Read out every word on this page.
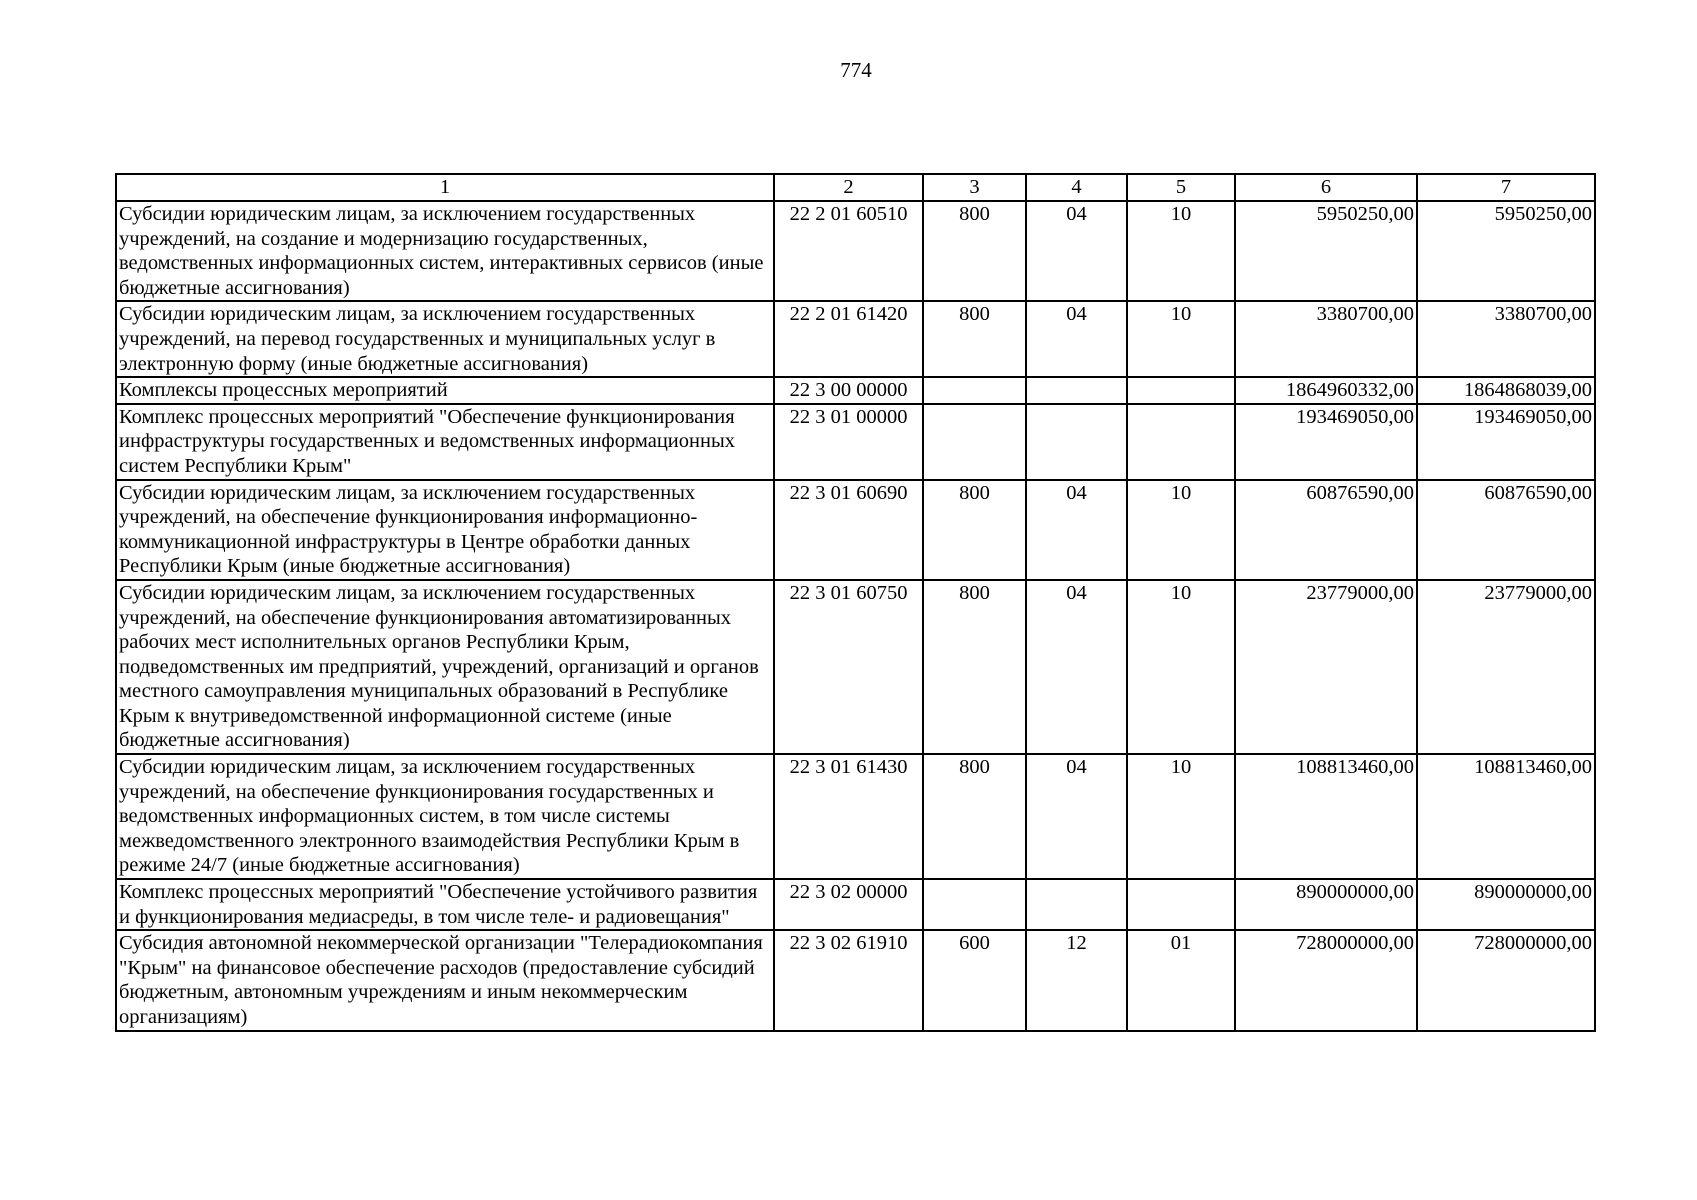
774
1	2	3	4	5	6	7
Субсидии юридическим лицам, за исключением государственных учреждений, на создание и модернизацию государственных, ведомственных информационных систем, интерактивных сервисов (иные бюджетные ассигнования)	22 2 01 60510	800	04	10	5950250,00	5950250,00
Субсидии юридическим лицам, за исключением государственных учреждений, на перевод государственных и муниципальных услуг в электронную форму (иные бюджетные ассигнования)	22 2 01 61420	800	04	10	3380700,00	3380700,00
Комплексы процессных мероприятий	22 3 00 00000				1864960332,00	1864868039,00
Комплекс процессных мероприятий "Обеспечение функционирования инфраструктуры государственных и ведомственных информационных систем Республики Крым"	22 3 01 00000				193469050,00	193469050,00
Субсидии юридическим лицам, за исключением государственных учреждений, на обеспечение функционирования информационно-коммуникационной инфраструктуры в Центре обработки данных Республики Крым (иные бюджетные ассигнования)	22 3 01 60690	800	04	10	60876590,00	60876590,00
Субсидии юридическим лицам, за исключением государственных учреждений, на обеспечение функционирования автоматизированных рабочих мест исполнительных органов Республики Крым, подведомственных им предприятий, учреждений, организаций и органов местного самоуправления муниципальных образований в Республике Крым к внутриведомственной информационной системе (иные бюджетные ассигнования)	22 3 01 60750	800	04	10	23779000,00	23779000,00
Субсидии юридическим лицам, за исключением государственных учреждений, на обеспечение функционирования государственных и ведомственных информационных систем, в том числе системы межведомственного электронного взаимодействия Республики Крым в режиме 24/7 (иные бюджетные ассигнования)	22 3 01 61430	800	04	10	108813460,00	108813460,00
Комплекс процессных мероприятий "Обеспечение устойчивого развития и функционирования медиасреды, в том числе теле- и радиовещания"	22 3 02 00000				890000000,00	890000000,00
Субсидия автономной некоммерческой организации "Телерадиокомпания "Крым" на финансовое обеспечение расходов (предоставление субсидий бюджетным, автономным учреждениям и иным некоммерческим организациям)	22 3 02 61910	600	12	01	728000000,00	728000000,00
